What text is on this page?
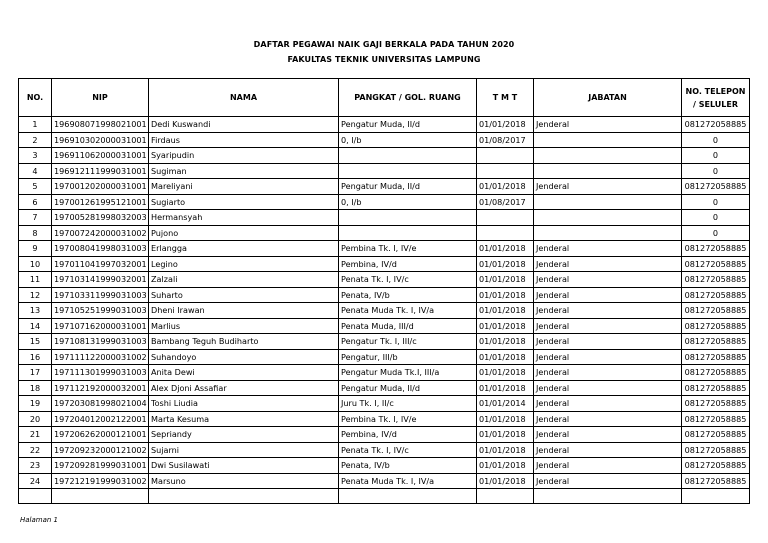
DAFTAR PEGAWAI NAIK GAJI BERKALA PADA TAHUN 2020
FAKULTAS TEKNIK UNIVERSITAS LAMPUNG
NO.	NIP	NAMA	PANGKAT / GOL. RUANG	T M T	JABATAN	NO. TELEPON / SELULER
1	196908071998021001	Dedi Kuswandi	Pengatur Muda, II/d	01/01/2018	Jenderal	081272058885
2	196910302000031001	Firdaus	0, I/b	01/08/2017		0
3	196911062000031001	Syaripudin				0
4	196912111999031001	Sugiman				0
5	197001202000031001	Mareliyani	Pengatur Muda, II/d	01/01/2018	Jenderal	081272058885
6	197001261995121001	Sugiarto	0, I/b	01/08/2017		0
7	197005281998032003	Hermansyah				0
8	197007242000031002	Pujono				0
9	197008041998031003	Erlangga	Pembina Tk. I, IV/e	01/01/2018	Jenderal	081272058885
10	197011041997032001	Legino	Pembina, IV/d	01/01/2018	Jenderal	081272058885
11	197103141999032001	Zalzali	Penata Tk. I, IV/c	01/01/2018	Jenderal	081272058885
12	197103311999031003	Suharto	Penata, IV/b	01/01/2018	Jenderal	081272058885
13	197105251999031003	Dheni Irawan	Penata Muda Tk. I, IV/a	01/01/2018	Jenderal	081272058885
14	197107162000031001	Marlius	Penata Muda, III/d	01/01/2018	Jenderal	081272058885
15	197108131999031003	Bambang Teguh Budiharto	Pengatur Tk. I, III/c	01/01/2018	Jenderal	081272058885
16	197111122000031002	Suhandoyo	Pengatur, III/b	01/01/2018	Jenderal	081272058885
17	197111301999031003	Anita Dewi	Pengatur Muda Tk.I, III/a	01/01/2018	Jenderal	081272058885
18	197112192000032001	Alex Djoni Assafiar	Pengatur Muda, II/d	01/01/2018	Jenderal	081272058885
19	197203081998021004	Toshi Liudia	Juru Tk. I, II/c	01/01/2014	Jenderal	081272058885
20	197204012002122001	Marta Kesuma	Pembina Tk. I, IV/e	01/01/2018	Jenderal	081272058885
21	197206262000121001	Sepriandy	Pembina, IV/d	01/01/2018	Jenderal	081272058885
22	197209232000121002	Sujarni	Penata Tk. I, IV/c	01/01/2018	Jenderal	081272058885
23	197209281999031001	Dwi Susilawati	Penata, IV/b	01/01/2018	Jenderal	081272058885
24	197212191999031002	Marsuno	Penata Muda Tk. I, IV/a	01/01/2018	Jenderal	081272058885

Halaman 1
